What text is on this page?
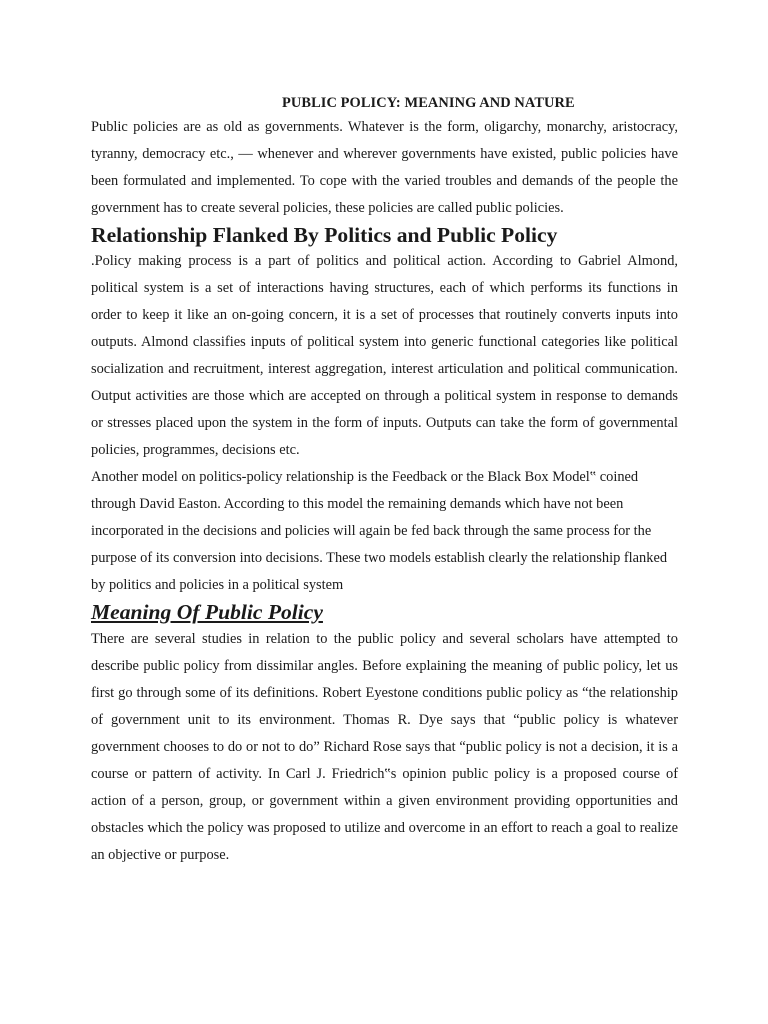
PUBLIC POLICY: MEANING AND NATURE

Public policies are as old as governments. Whatever is the form, oligarchy, monarchy, aristocracy, tyranny, democracy etc., — whenever and wherever governments have existed, public policies have been formulated and implemented. To cope with the varied troubles and demands of the people the government has to create several policies, these policies are called public policies.

Relationship Flanked By Politics and Public Policy

.Policy making process is a part of politics and political action. According to Gabriel Almond, political system is a set of interactions having structures, each of which performs its functions in order to keep it like an on-going concern, it is a set of processes that routinely converts inputs into outputs. Almond classifies inputs of political system into generic functional categories like political socialization and recruitment, interest aggregation, interest articulation and political communication. Output activities are those which are accepted on through a political system in response to demands or stresses placed upon the system in the form of inputs. Outputs can take the form of governmental policies, programmes, decisions etc.

Another model on politics-policy relationship is the Feedback or the Black Box Model‟ coined through David Easton. According to this model the remaining demands which have not been incorporated in the decisions and policies will again be fed back through the same process for the purpose of its conversion into decisions. These two models establish clearly the relationship flanked by politics and policies in a political system

Meaning Of Public Policy

There are several studies in relation to the public policy and several scholars have attempted to describe public policy from dissimilar angles. Before explaining the meaning of public policy, let us first go through some of its definitions. Robert Eyestone conditions public policy as “the relationship of government unit to its environment. Thomas R. Dye says that “public policy is whatever government chooses to do or not to do” Richard Rose says that “public policy is not a decision, it is a course or pattern of activity. In Carl J. Friedrich‟s opinion public policy is a proposed course of action of a person, group, or government within a given environment providing opportunities and obstacles which the policy was proposed to utilize and overcome in an effort to reach a goal to realize an objective or purpose.
